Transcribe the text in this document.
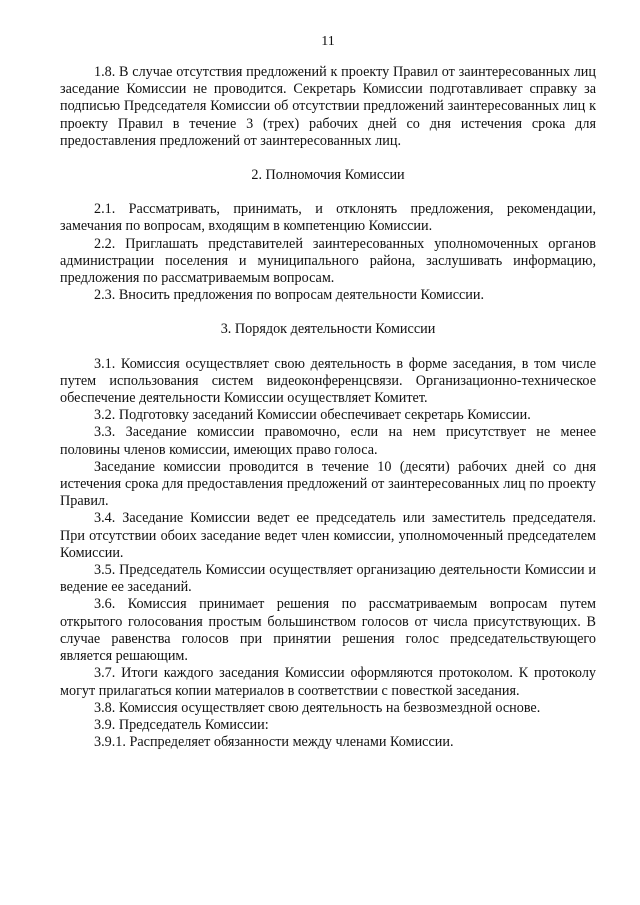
11

1.8. В случае отсутствия предложений к проекту Правил от заинтересованных лиц заседание Комиссии не проводится. Секретарь Комиссии подготавливает справку за подписью Председателя Комиссии об отсутствии предложений заинтересованных лиц к проекту Правил в течение 3 (трех) рабочих дней со дня истечения срока для предоставления предложений от заинтересованных лиц.

2. Полномочия Комиссии

2.1. Рассматривать, принимать, и отклонять предложения, рекомендации, замечания по вопросам, входящим в компетенцию Комиссии.

2.2. Приглашать представителей заинтересованных уполномоченных органов администрации поселения и муниципального района, заслушивать информацию, предложения по рассматриваемым вопросам.

2.3. Вносить предложения по вопросам деятельности Комиссии.

3. Порядок деятельности Комиссии

3.1. Комиссия осуществляет свою деятельность в форме заседания, в том числе путем использования систем видеоконференцсвязи. Организационно-техническое обеспечение деятельности Комиссии осуществляет Комитет.

3.2. Подготовку заседаний Комиссии обеспечивает секретарь Комиссии.

3.3. Заседание комиссии правомочно, если на нем присутствует не менее половины членов комиссии, имеющих право голоса.

Заседание комиссии проводится в течение 10 (десяти) рабочих дней со дня истечения срока для предоставления предложений от заинтересованных лиц по проекту Правил.

3.4. Заседание Комиссии ведет ее председатель или заместитель председателя. При отсутствии обоих заседание ведет член комиссии, уполномоченный председателем Комиссии.

3.5. Председатель Комиссии осуществляет организацию деятельности Комиссии и ведение ее заседаний.

3.6. Комиссия принимает решения по рассматриваемым вопросам путем открытого голосования простым большинством голосов от числа присутствующих. В случае равенства голосов при принятии решения голос председательствующего является решающим.

3.7. Итоги каждого заседания Комиссии оформляются протоколом. К протоколу могут прилагаться копии материалов в соответствии с повесткой заседания.

3.8. Комиссия осуществляет свою деятельность на безвозмездной основе.

3.9. Председатель Комиссии:

3.9.1. Распределяет обязанности между членами Комиссии.
